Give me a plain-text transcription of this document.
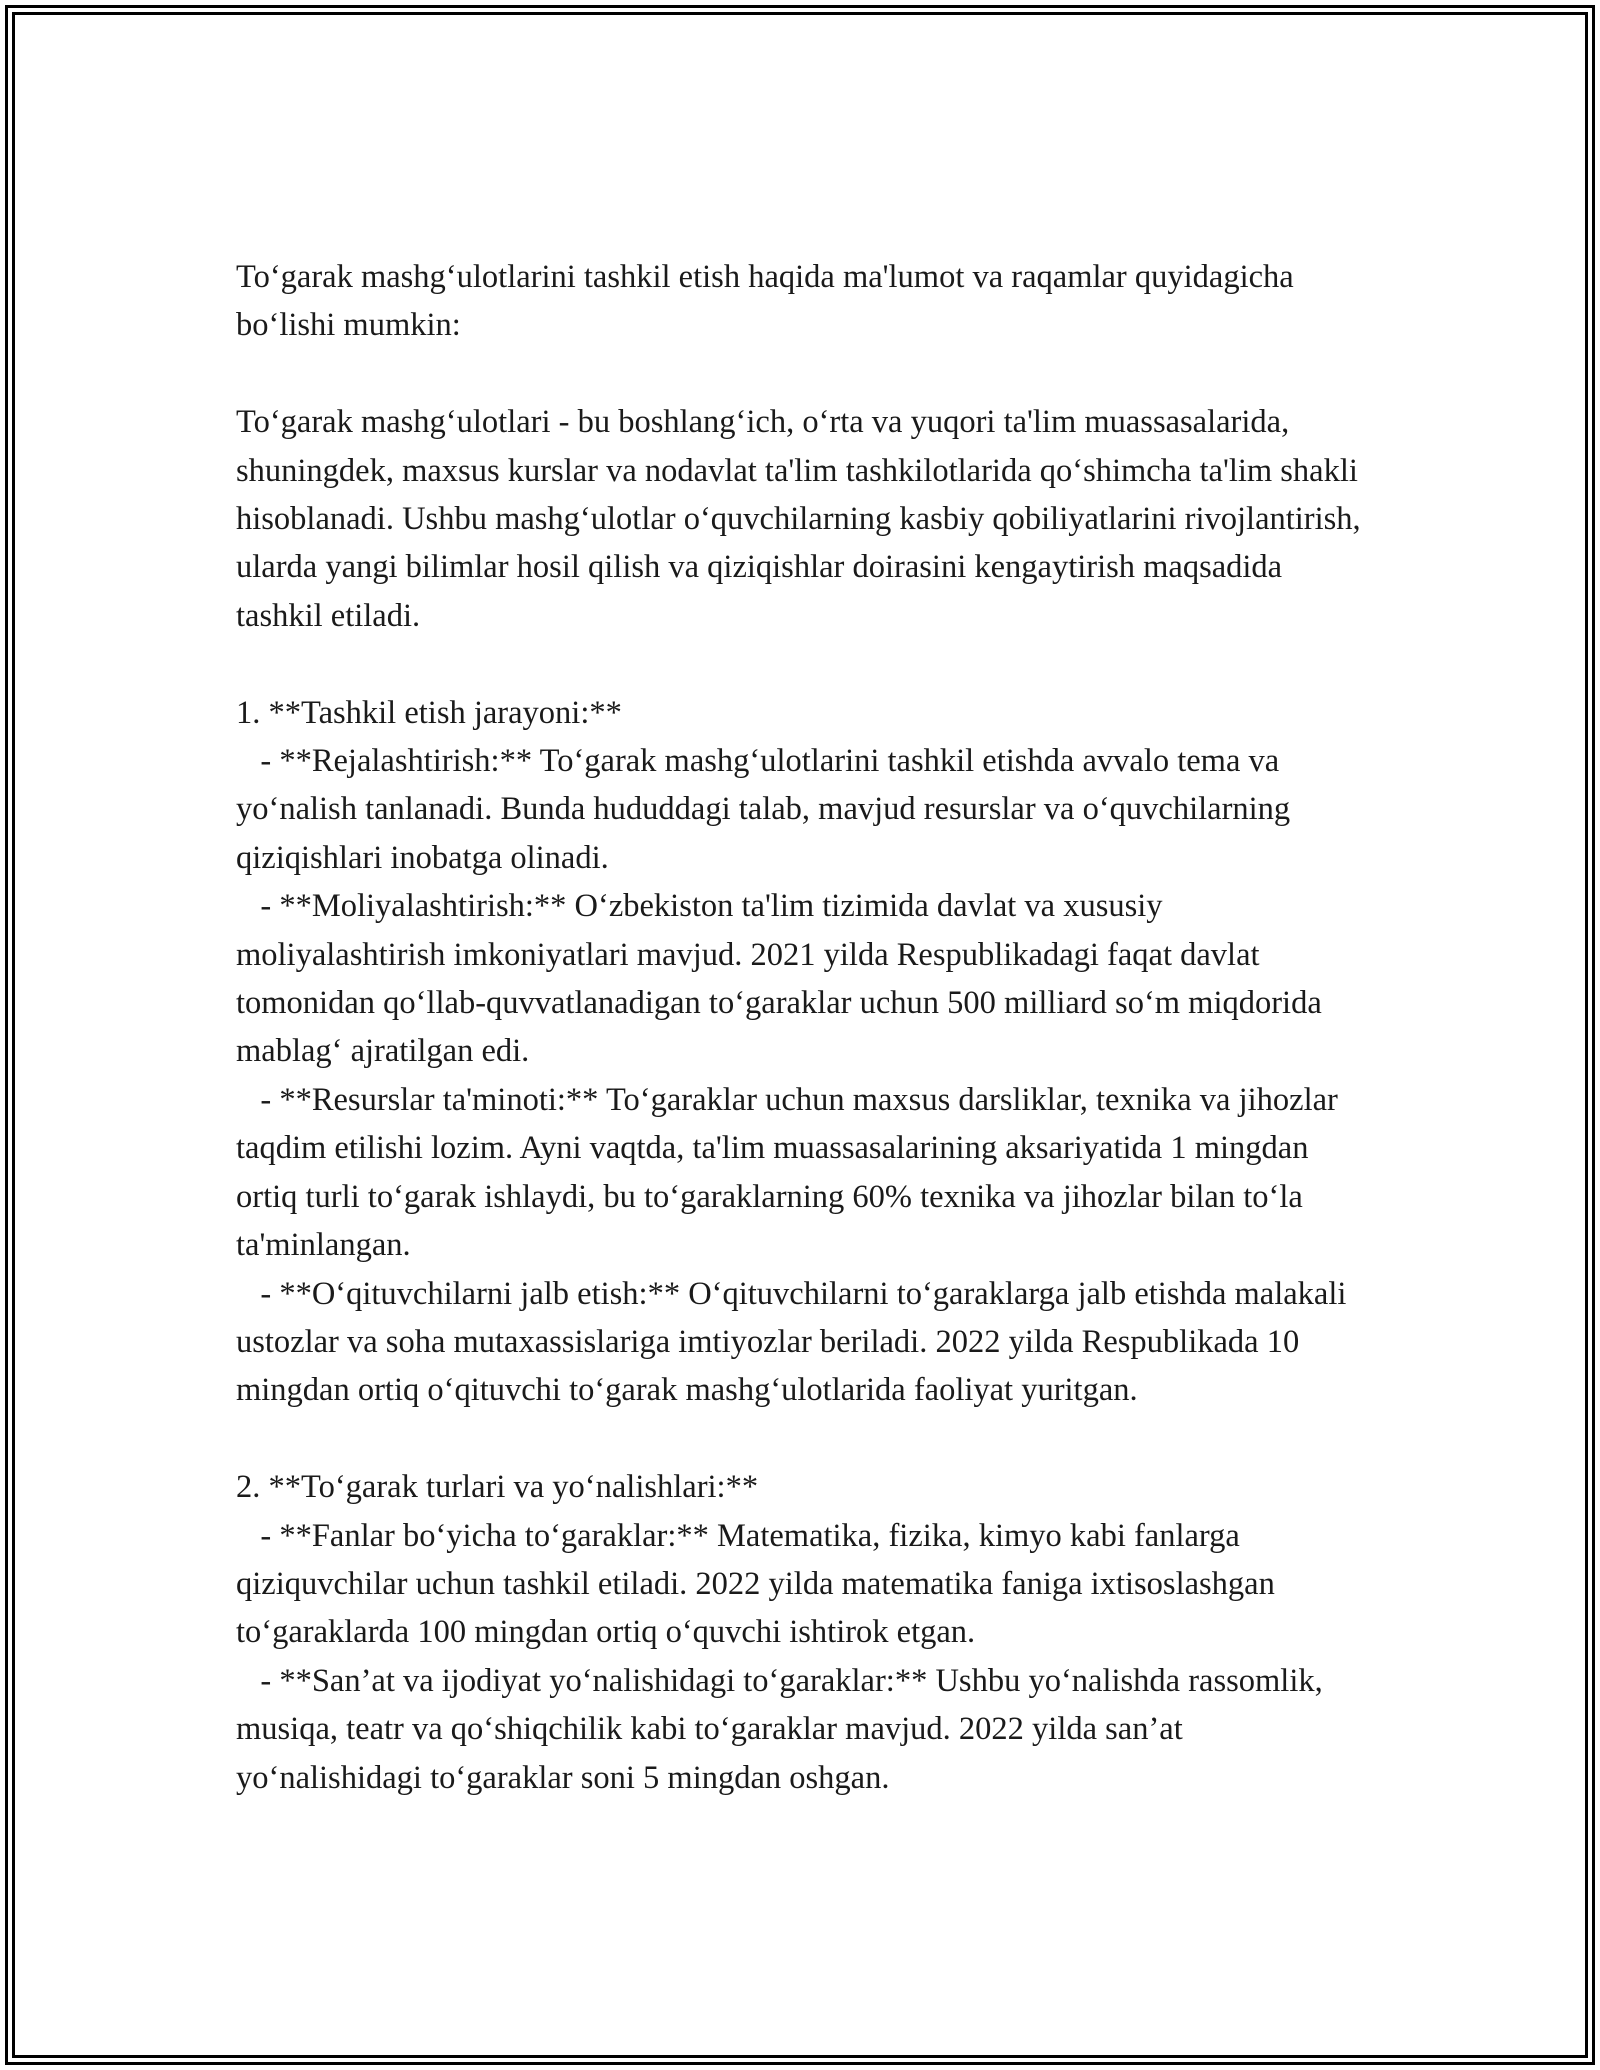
To‘garak mashg‘ulotlarini tashkil etish haqida ma'lumot va raqamlar quyidagicha bo‘lishi mumkin:

To‘garak mashg‘ulotlari - bu boshlang‘ich, o‘rta va yuqori ta'lim muassasalarida, shuningdek, maxsus kurslar va nodavlat ta'lim tashkilotlarida qo‘shimcha ta'lim shakli hisoblanadi. Ushbu mashg‘ulotlar o‘quvchilarning kasbiy qobiliyatlarini rivojlantirish, ularda yangi bilimlar hosil qilish va qiziqishlar doirasini kengaytirish maqsadida tashkil etiladi.

1. **Tashkil etish jarayoni:**

- **Rejalashtirish:** To‘garak mashg‘ulotlarini tashkil etishda avvalo tema va yo‘nalish tanlanadi. Bunda hududdagi talab, mavjud resurslar va o‘quvchilarning qiziqishlari inobatga olinadi.

- **Moliyalashtirish:** O‘zbekiston ta'lim tizimida davlat va xususiy moliyalashtirish imkoniyatlari mavjud. 2021 yilda Respublikadagi faqat davlat tomonidan qo‘llab-quvvatlanadigan to‘garaklar uchun 500 milliard so‘m miqdorida mablag‘ ajratilgan edi.

- **Resurslar ta'minoti:** To‘garaklar uchun maxsus darsliklar, texnika va jihozlar taqdim etilishi lozim. Ayni vaqtda, ta'lim muassasalarining aksariyatida 1 mingdan ortiq turli to‘garak ishlaydi, bu to‘garaklarning 60% texnika va jihozlar bilan to‘la ta'minlangan.

- **O‘qituvchilarni jalb etish:** O‘qituvchilarni to‘garaklarga jalb etishda malakali ustozlar va soha mutaxassislariga imtiyozlar beriladi. 2022 yilda Respublikada 10 mingdan ortiq o‘qituvchi to‘garak mashg‘ulotlarida faoliyat yuritgan.

2. **To‘garak turlari va yo‘nalishlari:**

- **Fanlar bo‘yicha to‘garaklar:** Matematika, fizika, kimyo kabi fanlarga qiziquvchilar uchun tashkil etiladi. 2022 yilda matematika faniga ixtisoslashgan to‘garaklarda 100 mingdan ortiq o‘quvchi ishtirok etgan.

- **San’at va ijodiyat yo‘nalishidagi to‘garaklar:** Ushbu yo‘nalishda rassomlik, musiqa, teatr va qo‘shiqchilik kabi to‘garaklar mavjud. 2022 yilda san’at yo‘nalishidagi to‘garaklar soni 5 mingdan oshgan.
